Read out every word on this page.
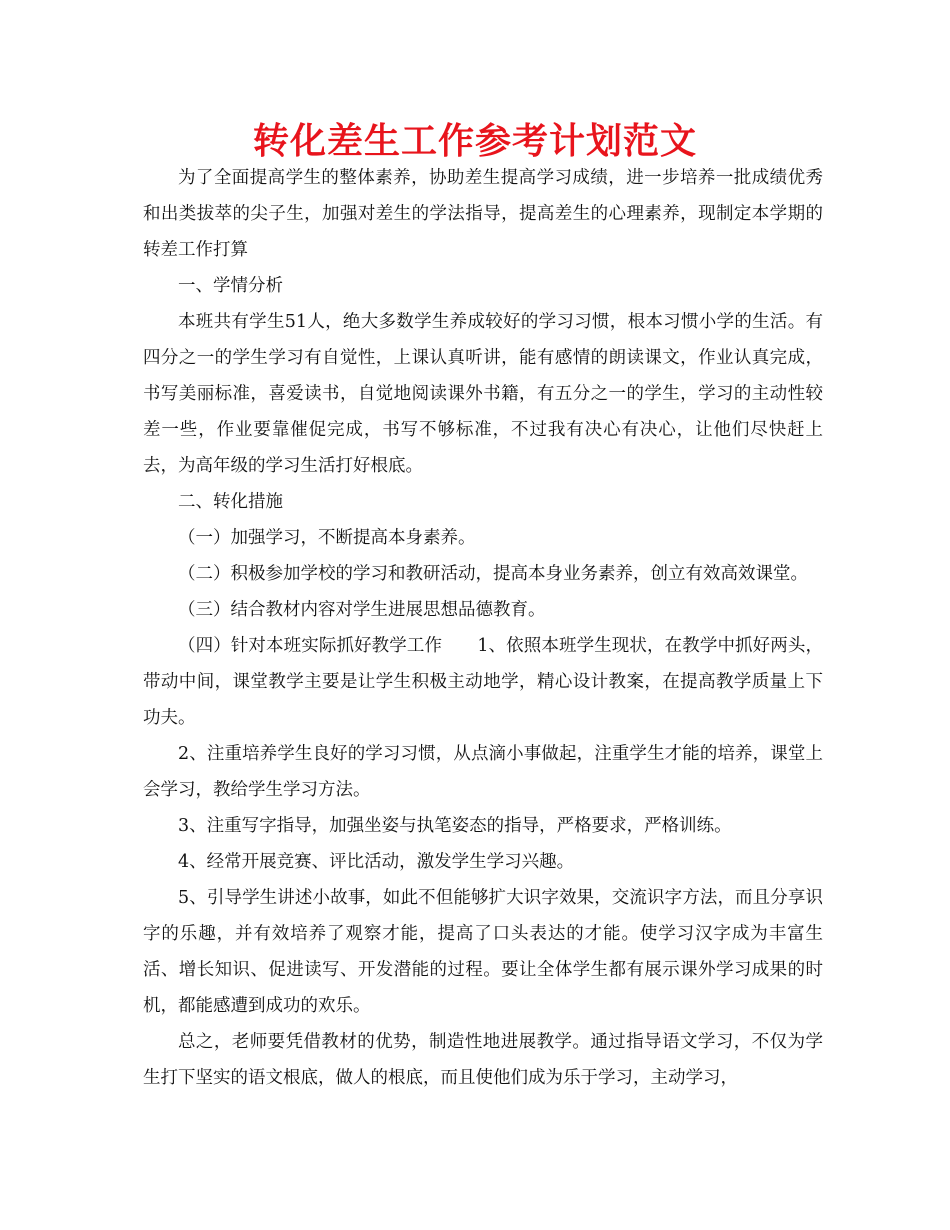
转化差生工作参考计划范文

为了全面提高学生的整体素养，协助差生提高学习成绩，进一步培养一批成绩优秀和出类拔萃的尖子生，加强对差生的学法指导，提高差生的心理素养，现制定本学期的转差工作打算

一、学情分析

本班共有学生51人，绝大多数学生养成较好的学习习惯，根本习惯小学的生活。有四分之一的学生学习有自觉性，上课认真听讲，能有感情的朗读课文，作业认真完成，书写美丽标准，喜爱读书，自觉地阅读课外书籍，有五分之一的学生，学习的主动性较差一些，作业要靠催促完成，书写不够标准，不过我有决心有决心，让他们尽快赶上去，为高年级的学习生活打好根底。

二、转化措施

（一）加强学习，不断提高本身素养。

（二）积极参加学校的学习和教研活动，提高本身业务素养，创立有效高效课堂。

（三）结合教材内容对学生进展思想品德教育。

（四）针对本班实际抓好教学工作　　1、依照本班学生现状，在教学中抓好两头，带动中间，课堂教学主要是让学生积极主动地学，精心设计教案，在提高教学质量上下功夫。

2、注重培养学生良好的学习习惯，从点滴小事做起，注重学生才能的培养，课堂上会学习，教给学生学习方法。

3、注重写字指导，加强坐姿与执笔姿态的指导，严格要求，严格训练。

4、经常开展竞赛、评比活动，激发学生学习兴趣。

5、引导学生讲述小故事，如此不但能够扩大识字效果，交流识字方法，而且分享识字的乐趣，并有效培养了观察才能，提高了口头表达的才能。使学习汉字成为丰富生活、增长知识、促进读写、开发潜能的过程。要让全体学生都有展示课外学习成果的时机，都能感遭到成功的欢乐。

总之，老师要凭借教材的优势，制造性地进展教学。通过指导语文学习，不仅为学生打下坚实的语文根底，做人的根底，而且使他们成为乐于学习，主动学习，
